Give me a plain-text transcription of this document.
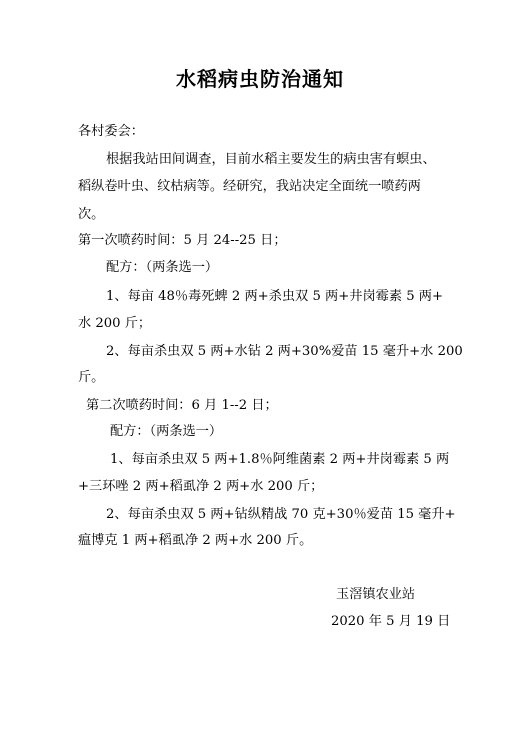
水稻病虫防治通知

各村委会：

根据我站田间调查，目前水稻主要发生的病虫害有螟虫、

稻纵卷叶虫、纹枯病等。经研究，我站决定全面统一喷药两

次。

第一次喷药时间：5 月 24--25 日；

配方：（两条选一）

1、每亩 48％毒死蜱 2 两+杀虫双 5 两+井岗霉素 5 两+

水 200 斤；

2、每亩杀虫双 5 两+水钻 2 两+30%爱苗 15 毫升+水 200

斤。

第二次喷药时间：6 月 1--2 日；

配方：（两条选一）

1、每亩杀虫双 5 两+1.8％阿维菌素 2 两+井岗霉素 5 两

+三环唑 2 两+稻虱净 2 两+水 200 斤；

2、每亩杀虫双 5 两+钻纵精战 70 克+30％爱苗 15 毫升+

瘟博克 1 两+稻虱净 2 两+水 200 斤。

玉滘镇农业站

2020 年 5 月 19 日
